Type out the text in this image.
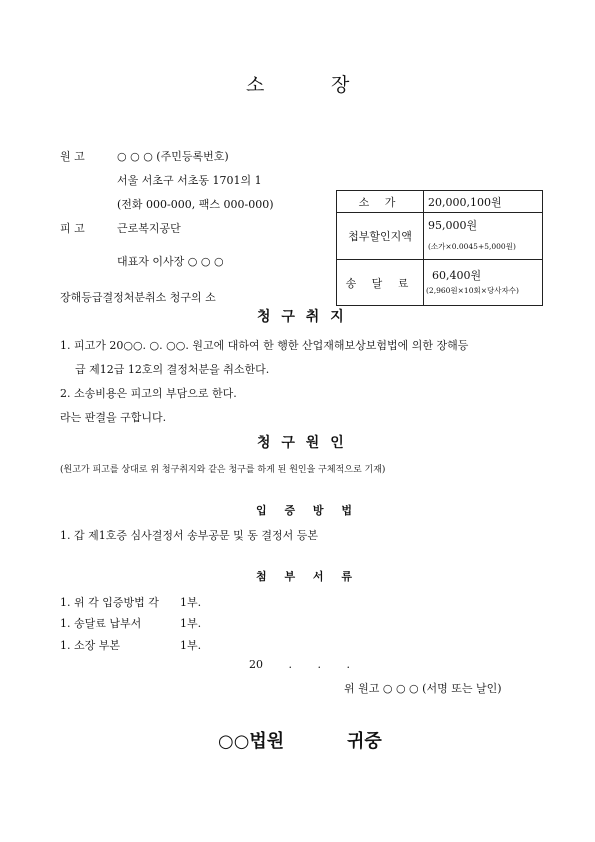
소	장
원 고	○ ○ ○ (주민등록번호)
서울 서초구 서초동 1701의 1
(전화 000-000, 팩스 000-000)
피 고	근로복지공단
대표자 이사장 ○ ○ ○
장해등급결정처분취소 청구의 소
소 가	20,000,100원
첩부할인지액	95,000원
(소가×0.0045+5,000원)

송 달 료	60,400원
(2,960원×10회×당사자수)
청 구 취 지
1. 피고가 20○○. ○. ○○. 원고에 대하여 한 행한 산업재해보상보험법에 의한 장해등
급 제12급 12호의 결정처분을 취소한다.
2. 소송비용은 피고의 부담으로 한다.
라는 판결을 구합니다.
청 구 원 인
(원고가 피고를 상대로 위 청구취지와 같은 청구를 하게 된 원인을 구체적으로 기재)
입 증 방 법
1. 갑 제1호증 심사결정서 송부공문 및 동 결정서 등본
첨 부 서 류
1. 위 각 입증방법 각 1부.
1. 송달료 납부서	1부.
1. 소장 부본	1부.
20 . . .
위 원고 ○ ○ ○ (서명 또는 날인)
○○법원	귀중
